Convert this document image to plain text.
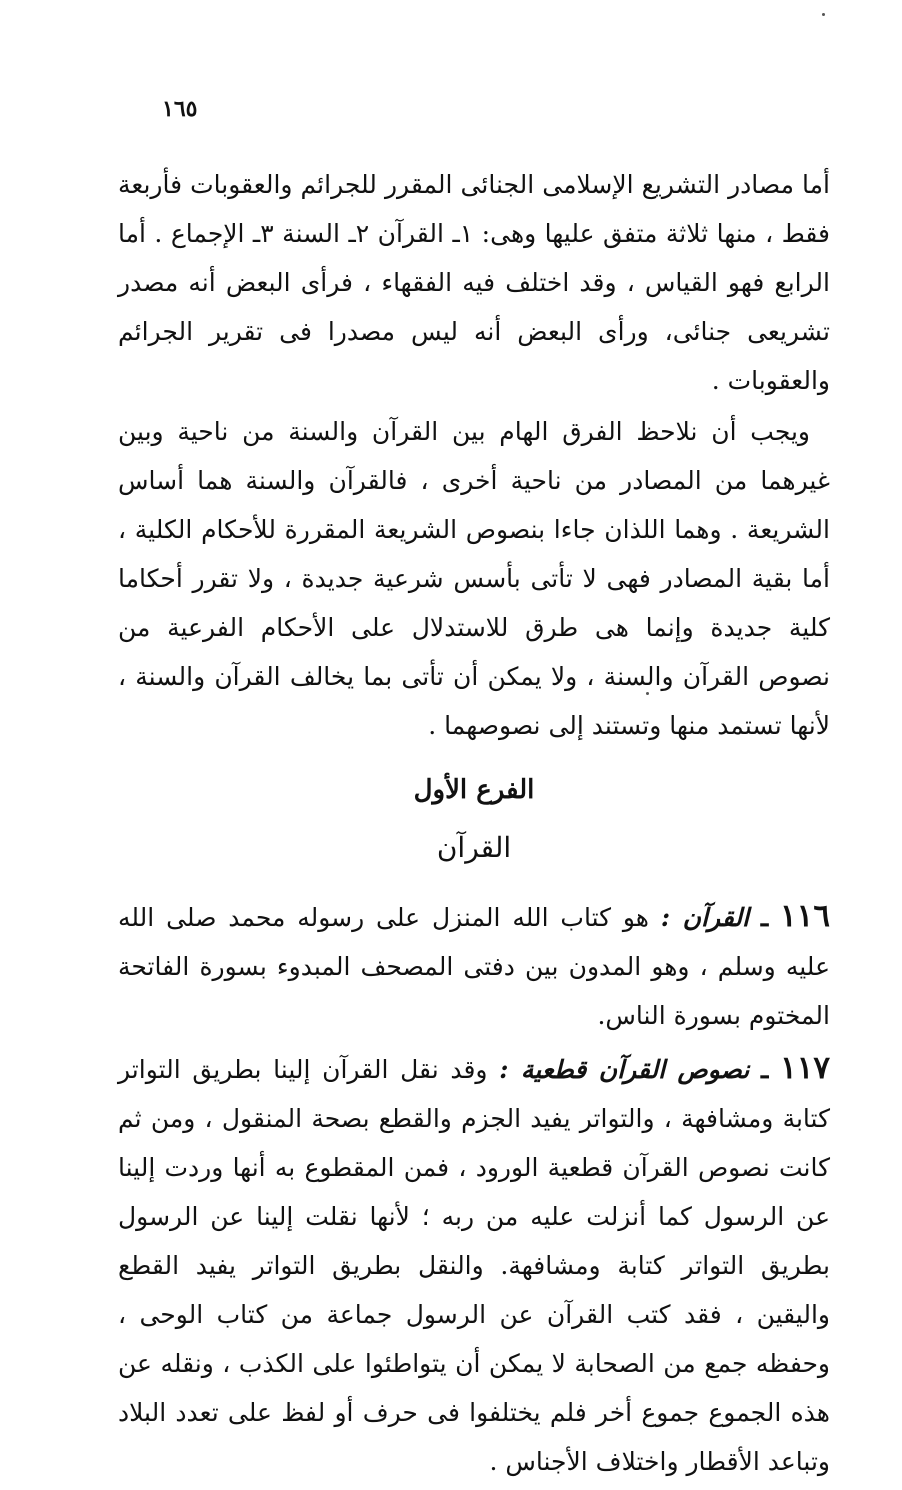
١٦٥

أما مصادر التشريع الإسلامى الجنائى المقرر للجرائم والعقوبات فأربعة فقط ، منها ثلاثة متفق عليها وهى: ١ـ القرآن ٢ـ السنة ٣ـ الإجماع . أما الرابع فهو القياس ، وقد اختلف فيه الفقهاء ، فرأى البعض أنه مصدر تشريعى جنائى، ورأى البعض أنه ليس مصدرا فى تقرير الجرائم والعقوبات .

ويجب أن نلاحظ الفرق الهام بين القرآن والسنة من ناحية وبين غيرهما من المصادر من ناحية أخرى ، فالقرآن والسنة هما أساس الشريعة . وهما اللذان جاءا بنصوص الشريعة المقررة للأحكام الكلية ، أما بقية المصادر فهى لا تأتى بأسس شرعية جديدة ، ولا تقرر أحكاما كلية جديدة وإنما هى طرق للاستدلال على الأحكام الفرعية من نصوص القرآن والسنة ، ولا يمكن أن تأتى بما يخالف القرآن والسنة ، لأنها تستمد منها وتستند إلى نصوصهما .

الفرع الأول
القرآن

١١٦ ـ القرآن : هو كتاب الله المنزل على رسوله محمد صلى الله عليه وسلم ، وهو المدون بين دفتى المصحف المبدوء بسورة الفاتحة المختوم بسورة الناس.

١١٧ ـ نصوص القرآن قطعية : وقد نقل القرآن إلينا بطريق التواتر كتابة ومشافهة ، والتواتر يفيد الجزم والقطع بصحة المنقول ، ومن ثم كانت نصوص القرآن قطعية الورود ، فمن المقطوع به أنها وردت إلينا عن الرسول كما أنزلت عليه من ربه ؛ لأنها نقلت إلينا عن الرسول بطريق التواتر كتابة ومشافهة. والنقل بطريق التواتر يفيد القطع واليقين ، فقد كتب القرآن عن الرسول جماعة من كتاب الوحى ، وحفظه جمع من الصحابة لا يمكن أن يتواطئوا على الكذب ، ونقله عن هذه الجموع جموع أخر فلم يختلفوا فى حرف أو لفظ على تعدد البلاد وتباعد الأقطار واختلاف الأجناس .
